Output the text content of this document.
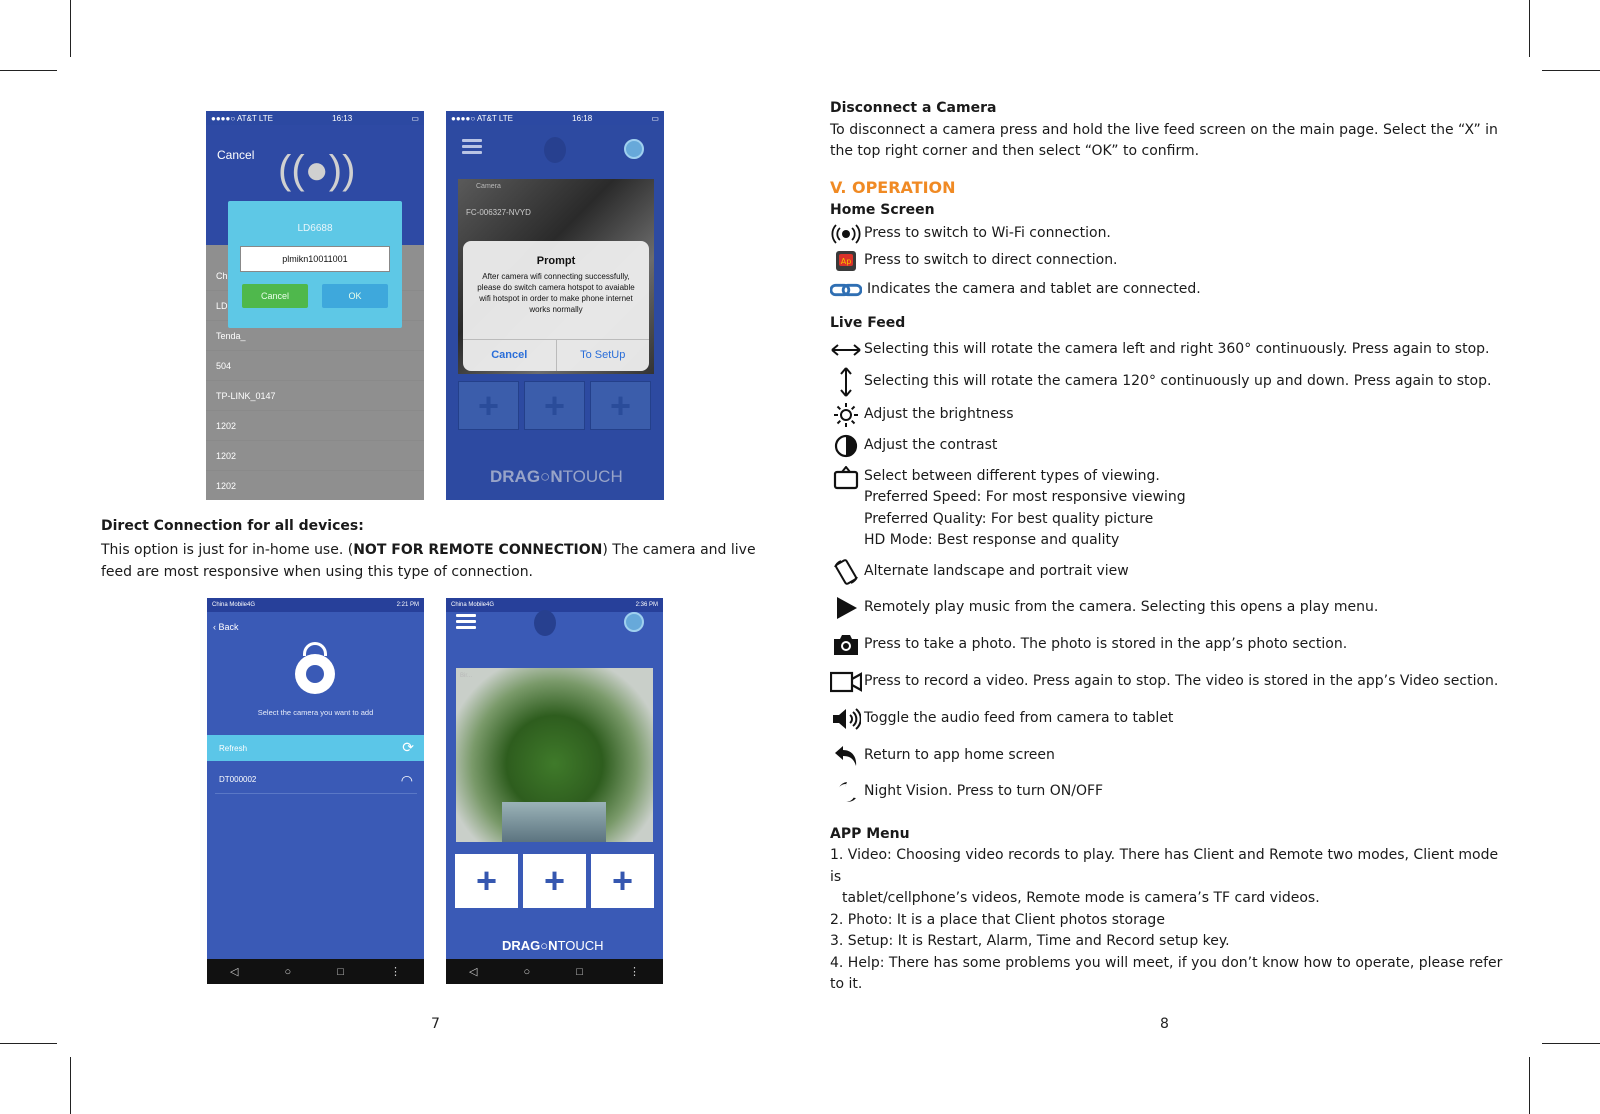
●●●●○ AT&T LTE	16:13	▭
Cancel ((●))
Ch
LD
Tenda_
504
TP-LINK_0147
1202
1202
1202
LD6688
plmikn10011001
Cancel	OK
●●●●○ AT&T LTE	16:18	▭
Camera
FC-006327-NVYD
Prompt
After camera wifi connecting successfully, please do switch camera hotspot to avaiable wifi hotspot in order to make phone internet works normally
Cancel	To SetUp
+	+	+
DRAG○NTOUCH
Direct Connection for all devices:
This option is just for in-home use. (NOT FOR REMOTE CONNECTION) The camera and live feed are most responsive when using this type of connection.
China Mobile4G	2:21 PM
‹ Back
Select the camera you want to add
Refresh	⟳
DT000002	◠
◁	○	□	⋮
China Mobile4G	2:36 PM
Bir...
+	+	+
DRAG○NTOUCH
◁	○	□	⋮
7
Disconnect a Camera
To disconnect a camera press and hold the live feed screen on the main page. Select the “X” in the top right corner and then select “OK” to confirm.
V. OPERATION
Home Screen
Press to switch to Wi-Fi connection.
Ap Press to switch to direct connection.
Indicates the camera and tablet are connected.
Live Feed
Selecting this will rotate the camera left and right 360° continuously. Press again to stop.
Selecting this will rotate the camera 120° continuously up and down. Press again to stop.
Adjust the brightness
Adjust the contrast
Select between different types of viewing.
Preferred Speed: For most responsive viewing
Preferred Quality: For best quality picture
HD Mode: Best response and quality
Alternate landscape and portrait view
Remotely play music from the camera. Selecting this opens a play menu.
Press to take a photo. The photo is stored in the app’s photo section.
Press to record a video. Press again to stop. The video is stored in the app’s Video section.
Toggle the audio feed from camera to tablet
Return to app home screen
Night Vision. Press to turn ON/OFF
APP Menu
1. Video: Choosing video records to play. There has Client and Remote two modes, Client mode is
tablet/cellphone’s videos, Remote mode is camera’s TF card videos.
2. Photo: It is a place that Client photos storage
3. Setup: It is Restart, Alarm, Time and Record setup key.
4. Help: There has some problems you will meet, if you don’t know how to operate, please refer to it.
8
